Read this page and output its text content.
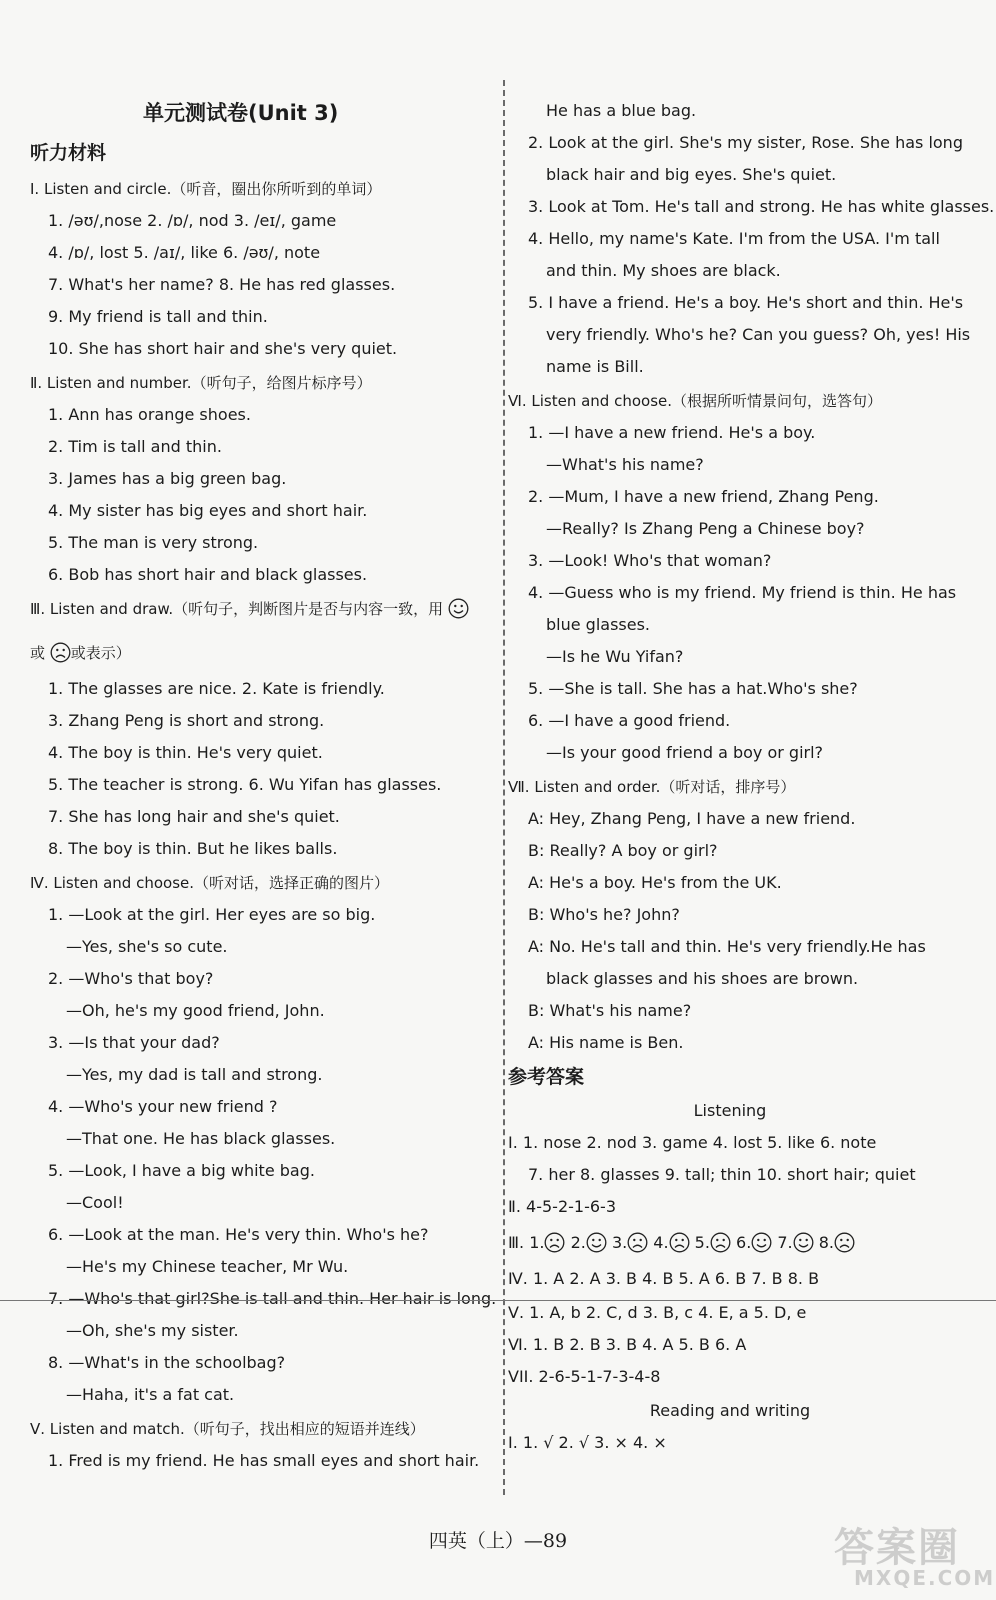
单元测试卷(Unit 3)
听力材料
Ⅰ. Listen and circle.（听音，圈出你所听到的单词）
1. /əʊ/,nose 2. /ɒ/, nod 3. /eɪ/, game
4. /ɒ/, lost 5. /aɪ/, like 6. /əʊ/, note
7. What's her name? 8. He has red glasses.
9. My friend is tall and thin.
10. She has short hair and she's very quiet.
Ⅱ. Listen and number.（听句子，给图片标序号）
1. Ann has orange shoes.
2. Tim is tall and thin.
3. James has a big green bag.
4. My sister has big eyes and short hair.
5. The man is very strong.
6. Bob has short hair and black glasses.
Ⅲ. Listen and draw.（听句子，判断图片是否与内容一致，用
或 或表示）
1. The glasses are nice. 2. Kate is friendly.
3. Zhang Peng is short and strong.
4. The boy is thin. He's very quiet.
5. The teacher is strong. 6. Wu Yifan has glasses.
7. She has long hair and she's quiet.
8. The boy is thin. But he likes balls.
Ⅳ. Listen and choose.（听对话，选择正确的图片）
1. —Look at the girl. Her eyes are so big.
—Yes, she's so cute.
2. —Who's that boy?
—Oh, he's my good friend, John.
3. —Is that your dad?
—Yes, my dad is tall and strong.
4. —Who's your new friend ?
—That one. He has black glasses.
5. —Look, I have a big white bag.
—Cool!
6. —Look at the man. He's very thin. Who's he?
—He's my Chinese teacher, Mr Wu.
7. —Who's that girl?She is tall and thin. Her hair is long.
—Oh, she's my sister.
8. —What's in the schoolbag?
—Haha, it's a fat cat.
Ⅴ. Listen and match.（听句子，找出相应的短语并连线）
1. Fred is my friend. He has small eyes and short hair.
He has a blue bag.
2. Look at the girl. She's my sister, Rose. She has long
black hair and big eyes. She's quiet.
3. Look at Tom. He's tall and strong. He has white glasses.
4. Hello, my name's Kate. I'm from the USA. I'm tall
and thin. My shoes are black.
5. I have a friend. He's a boy. He's short and thin. He's
very friendly. Who's he? Can you guess? Oh, yes! His
name is Bill.
Ⅵ. Listen and choose.（根据所听情景问句，选答句）
1. —I have a new friend. He's a boy.
—What's his name?
2. —Mum, I have a new friend, Zhang Peng.
—Really? Is Zhang Peng a Chinese boy?
3. —Look! Who's that woman?
4. —Guess who is my friend. My friend is thin. He has
blue glasses.
—Is he Wu Yifan?
5. —She is tall. She has a hat.Who's she?
6. —I have a good friend.
—Is your good friend a boy or girl?
Ⅶ. Listen and order.（听对话，排序号）
A: Hey, Zhang Peng, I have a new friend.
B: Really? A boy or girl?
A: He's a boy. He's from the UK.
B: Who's he? John?
A: No. He's tall and thin. He's very friendly.He has
black glasses and his shoes are brown.
B: What's his name?
A: His name is Ben.
参考答案
Listening
Ⅰ. 1. nose 2. nod 3. game 4. lost 5. like 6. note
7. her 8. glasses 9. tall; thin 10. short hair; quiet
Ⅱ. 4-5-2-1-6-3
Ⅳ. 1. A 2. A 3. B 4. B 5. A 6. B 7. B 8. B
Ⅴ. 1. A, b 2. C, d 3. B, c 4. E, a 5. D, e
Ⅵ. 1. B 2. B 3. B 4. A 5. B 6. A
VII. 2-6-5-1-7-3-4-8
Reading and writing
Ⅰ. 1. √ 2. √ 3. × 4. ×
Ⅲ. 1. 2. 3. 4. 5. 6. 7. 8.
四英（上）—89	答案圈
MXQE.COM
